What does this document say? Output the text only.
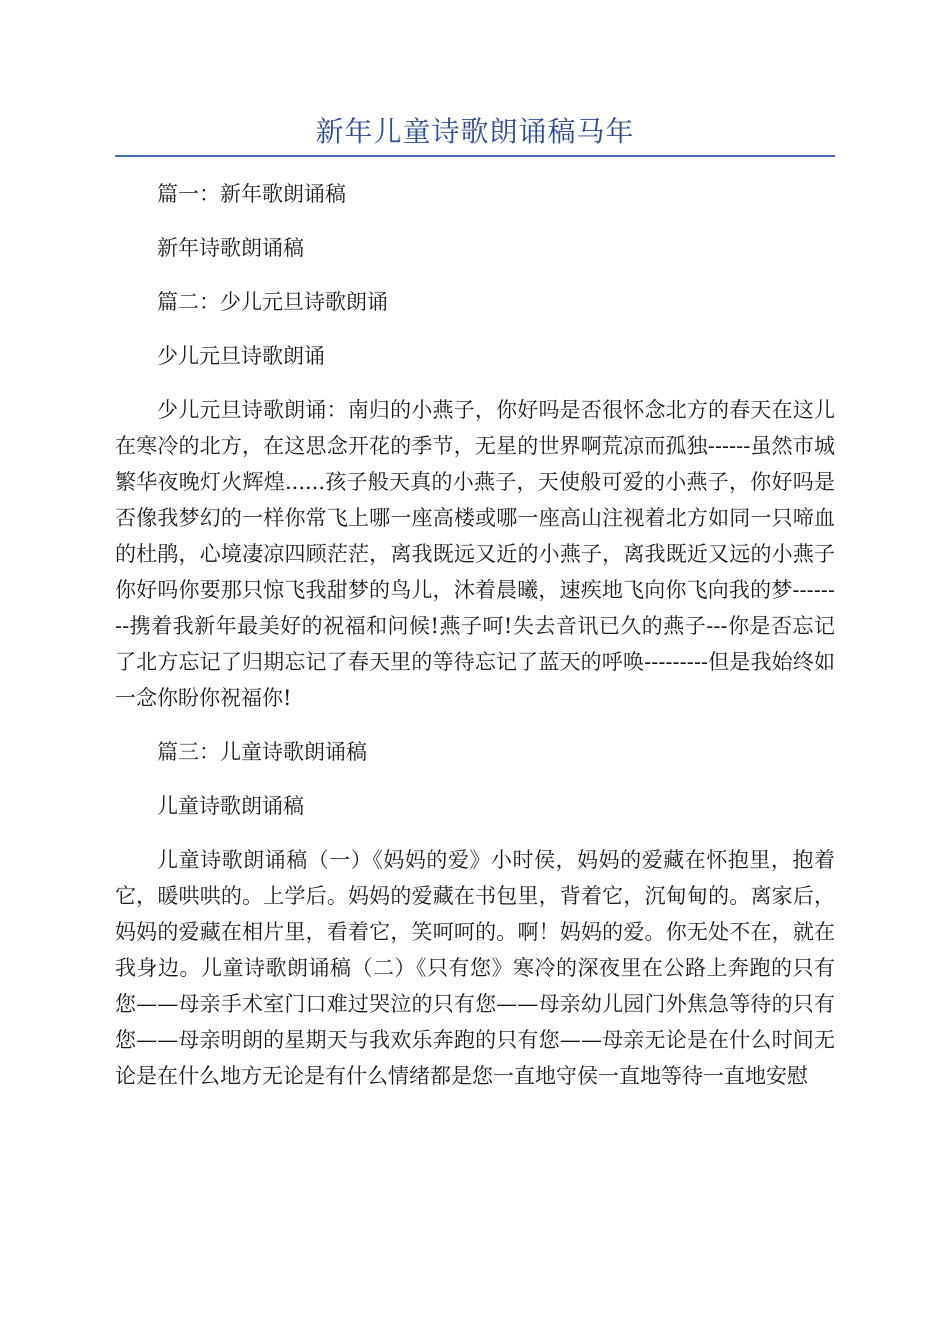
新年儿童诗歌朗诵稿马年

篇一：新年歌朗诵稿

新年诗歌朗诵稿

篇二：少儿元旦诗歌朗诵

少儿元旦诗歌朗诵

少儿元旦诗歌朗诵：南归的小燕子，你好吗是否很怀念北方的春天在这儿在寒冷的北方，在这思念开花的季节，无星的世界啊荒凉而孤独------虽然市城繁华夜晚灯火辉煌......孩子般天真的小燕子，天使般可爱的小燕子，你好吗是否像我梦幻的一样你常飞上哪一座高楼或哪一座高山注视着北方如同一只啼血的杜鹃，心境凄凉四顾茫茫，离我既远又近的小燕子，离我既近又远的小燕子你好吗你要那只惊飞我甜梦的鸟儿，沐着晨曦，速疾地飞向你飞向我的梦--------携着我新年最美好的祝福和问候!燕子呵!失去音讯已久的燕子---你是否忘记了北方忘记了归期忘记了春天里的等待忘记了蓝天的呼唤---------但是我始终如一念你盼你祝福你!

篇三：儿童诗歌朗诵稿

儿童诗歌朗诵稿

儿童诗歌朗诵稿（一）《妈妈的爱》小时侯，妈妈的爱藏在怀抱里，抱着它，暖哄哄的。上学后。妈妈的爱藏在书包里，背着它，沉甸甸的。离家后，妈妈的爱藏在相片里，看着它，笑呵呵的。啊！妈妈的爱。你无处不在，就在我身边。儿童诗歌朗诵稿（二）《只有您》寒冷的深夜里在公路上奔跑的只有您——母亲手术室门口难过哭泣的只有您——母亲幼儿园门外焦急等待的只有您——母亲明朗的星期天与我欢乐奔跑的只有您——母亲无论是在什么时间无论是在什么地方无论是有什么情绪都是您一直地守侯一直地等待一直地安慰
